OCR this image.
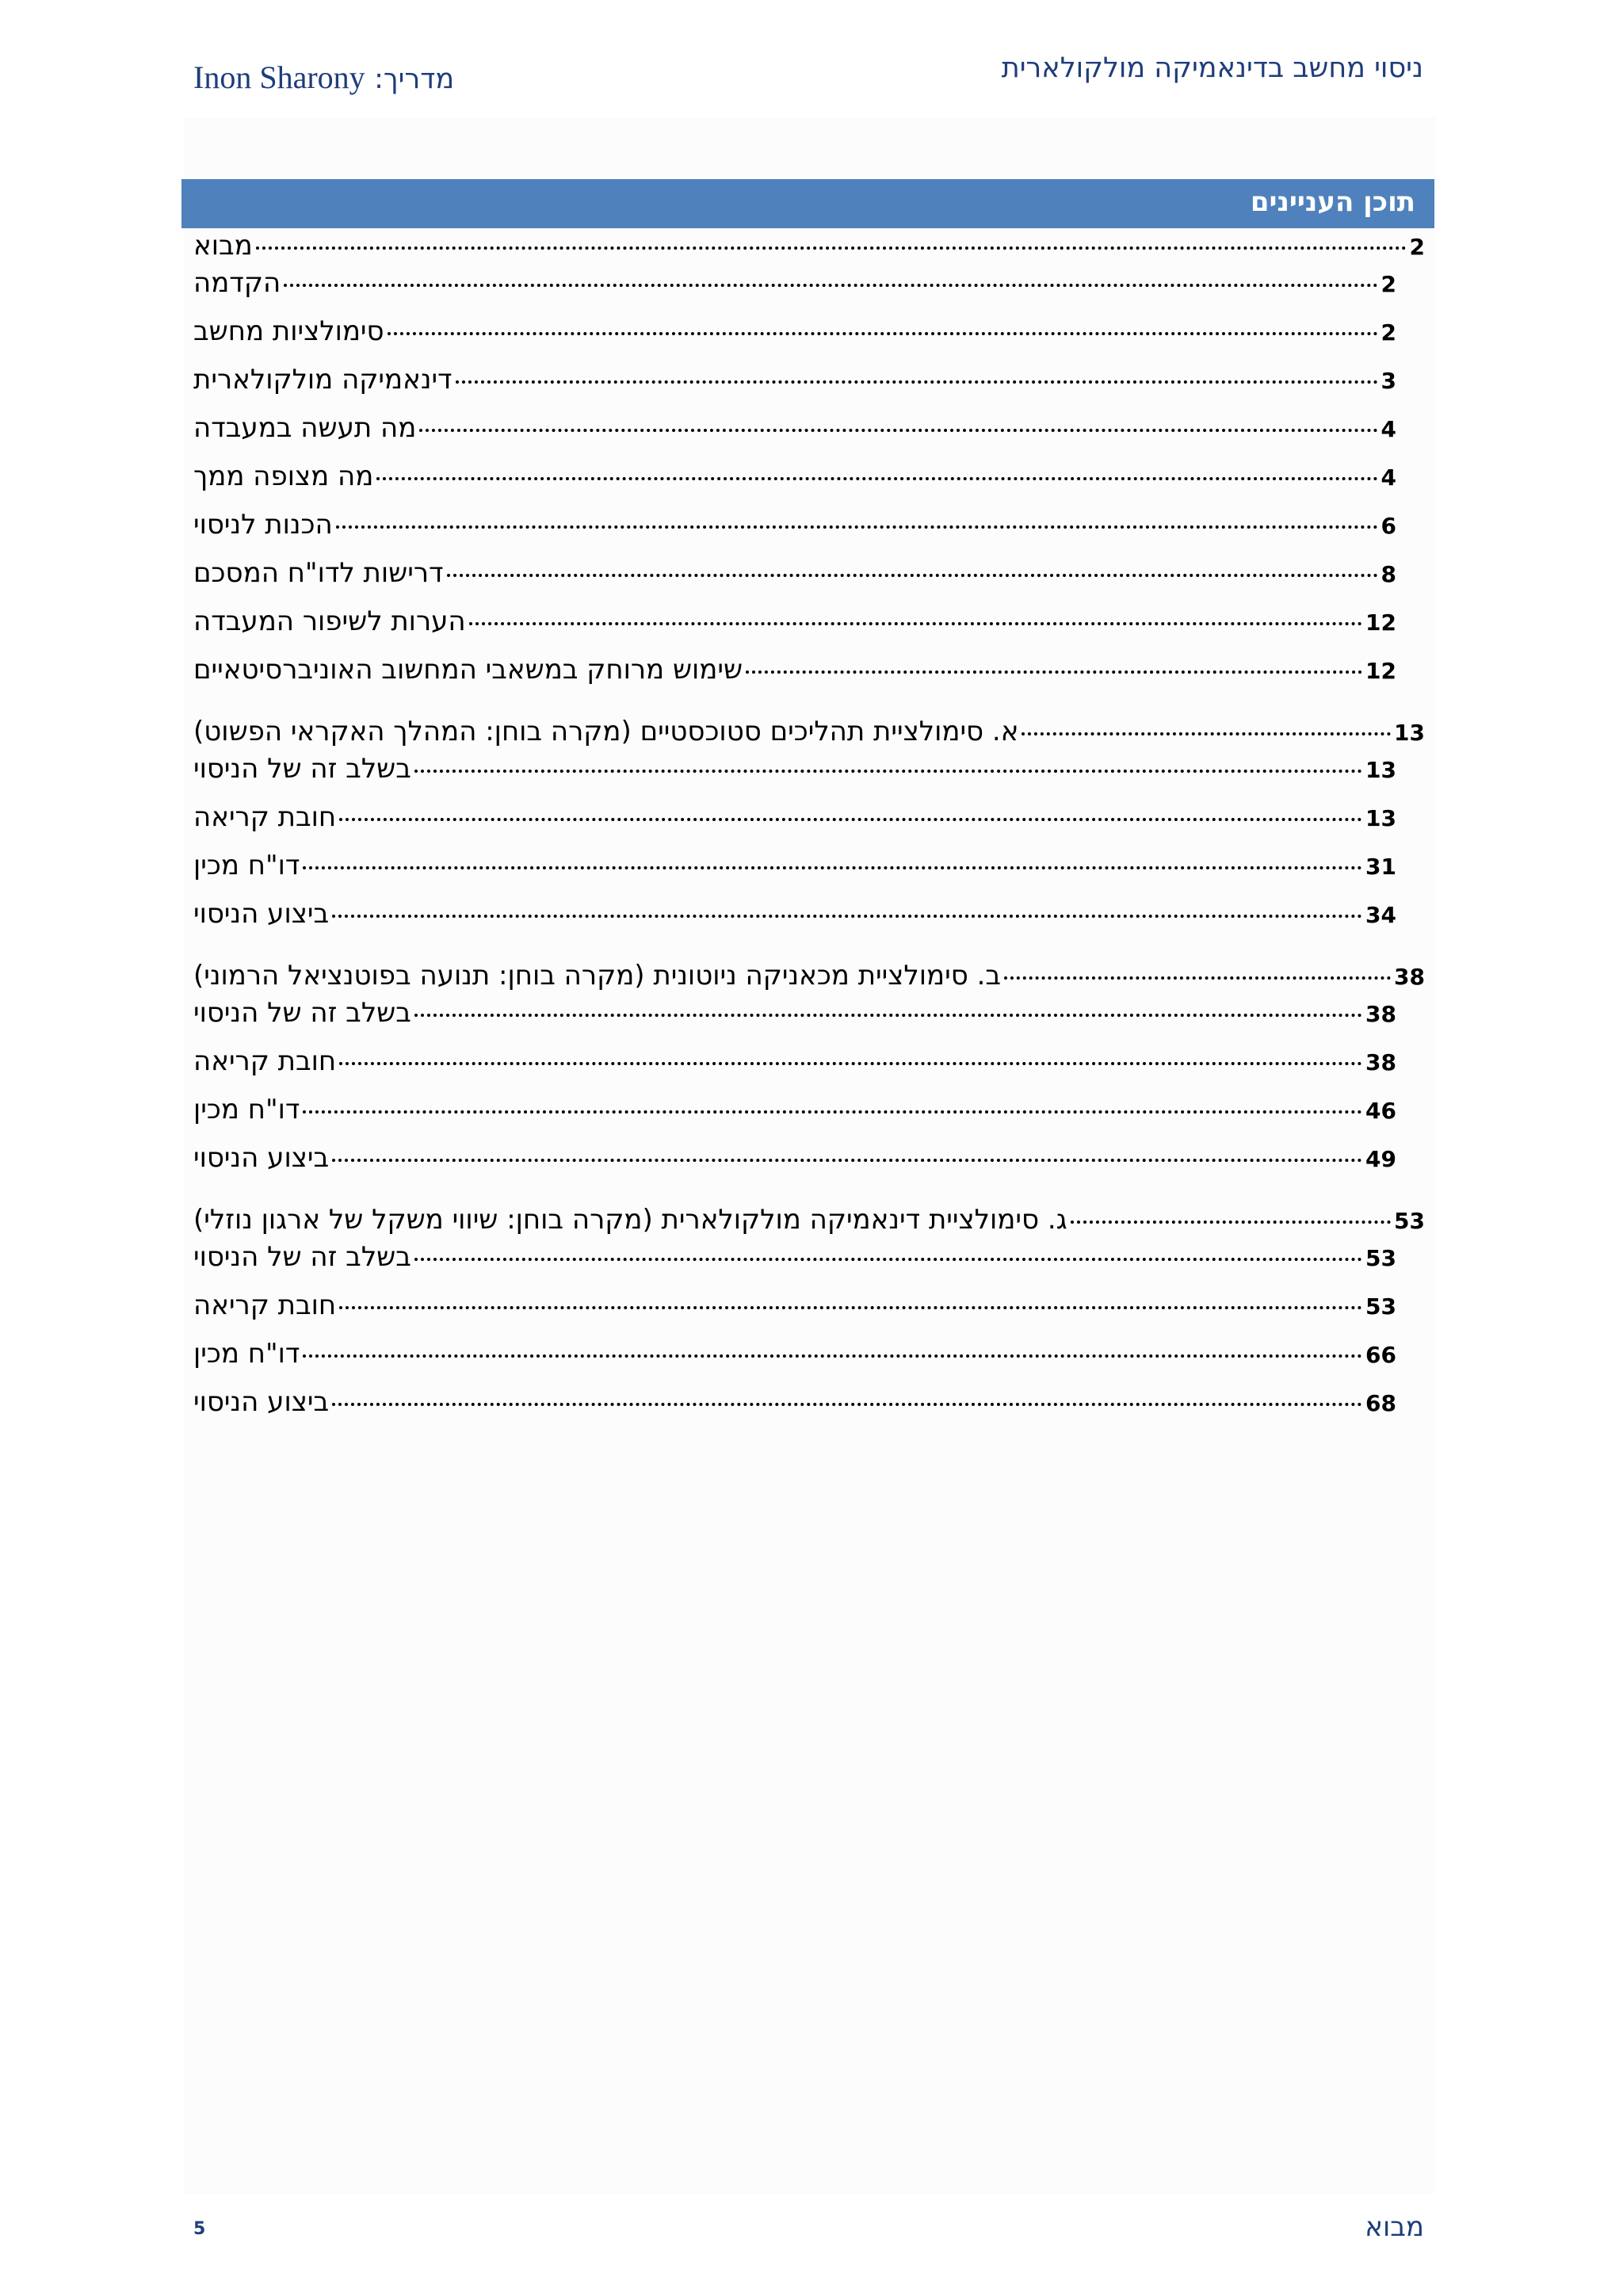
ניסוי מחשב בדינאמיקה מולקולארית
מדריך: Inon Sharony
תוכן העניינים
מבוא	2
הקדמה	2
סימולציות מחשב	2
דינאמיקה מולקולארית	3
מה תעשה במעבדה	4
מה מצופה ממך	4
הכנות לניסוי	6
דרישות לדו"ח המסכם	8
הערות לשיפור המעבדה	12
שימוש מרוחק במשאבי המחשוב האוניברסיטאיים	12
א. סימולציית תהליכים סטוכסטיים (מקרה בוחן: המהלך האקראי הפשוט)	13
בשלב זה של הניסוי	13
חובת קריאה	13
דו"ח מכין	31
ביצוע הניסוי	34
ב. סימולציית מכאניקה ניוטונית (מקרה בוחן: תנועה בפוטנציאל הרמוני)	38
בשלב זה של הניסוי	38
חובת קריאה	38
דו"ח מכין	46
ביצוע הניסוי	49
ג. סימולציית דינאמיקה מולקולארית (מקרה בוחן: שיווי משקל של ארגון נוזלי)	53
בשלב זה של הניסוי	53
חובת קריאה	53
דו"ח מכין	66
ביצוע הניסוי	68
מבוא
5
